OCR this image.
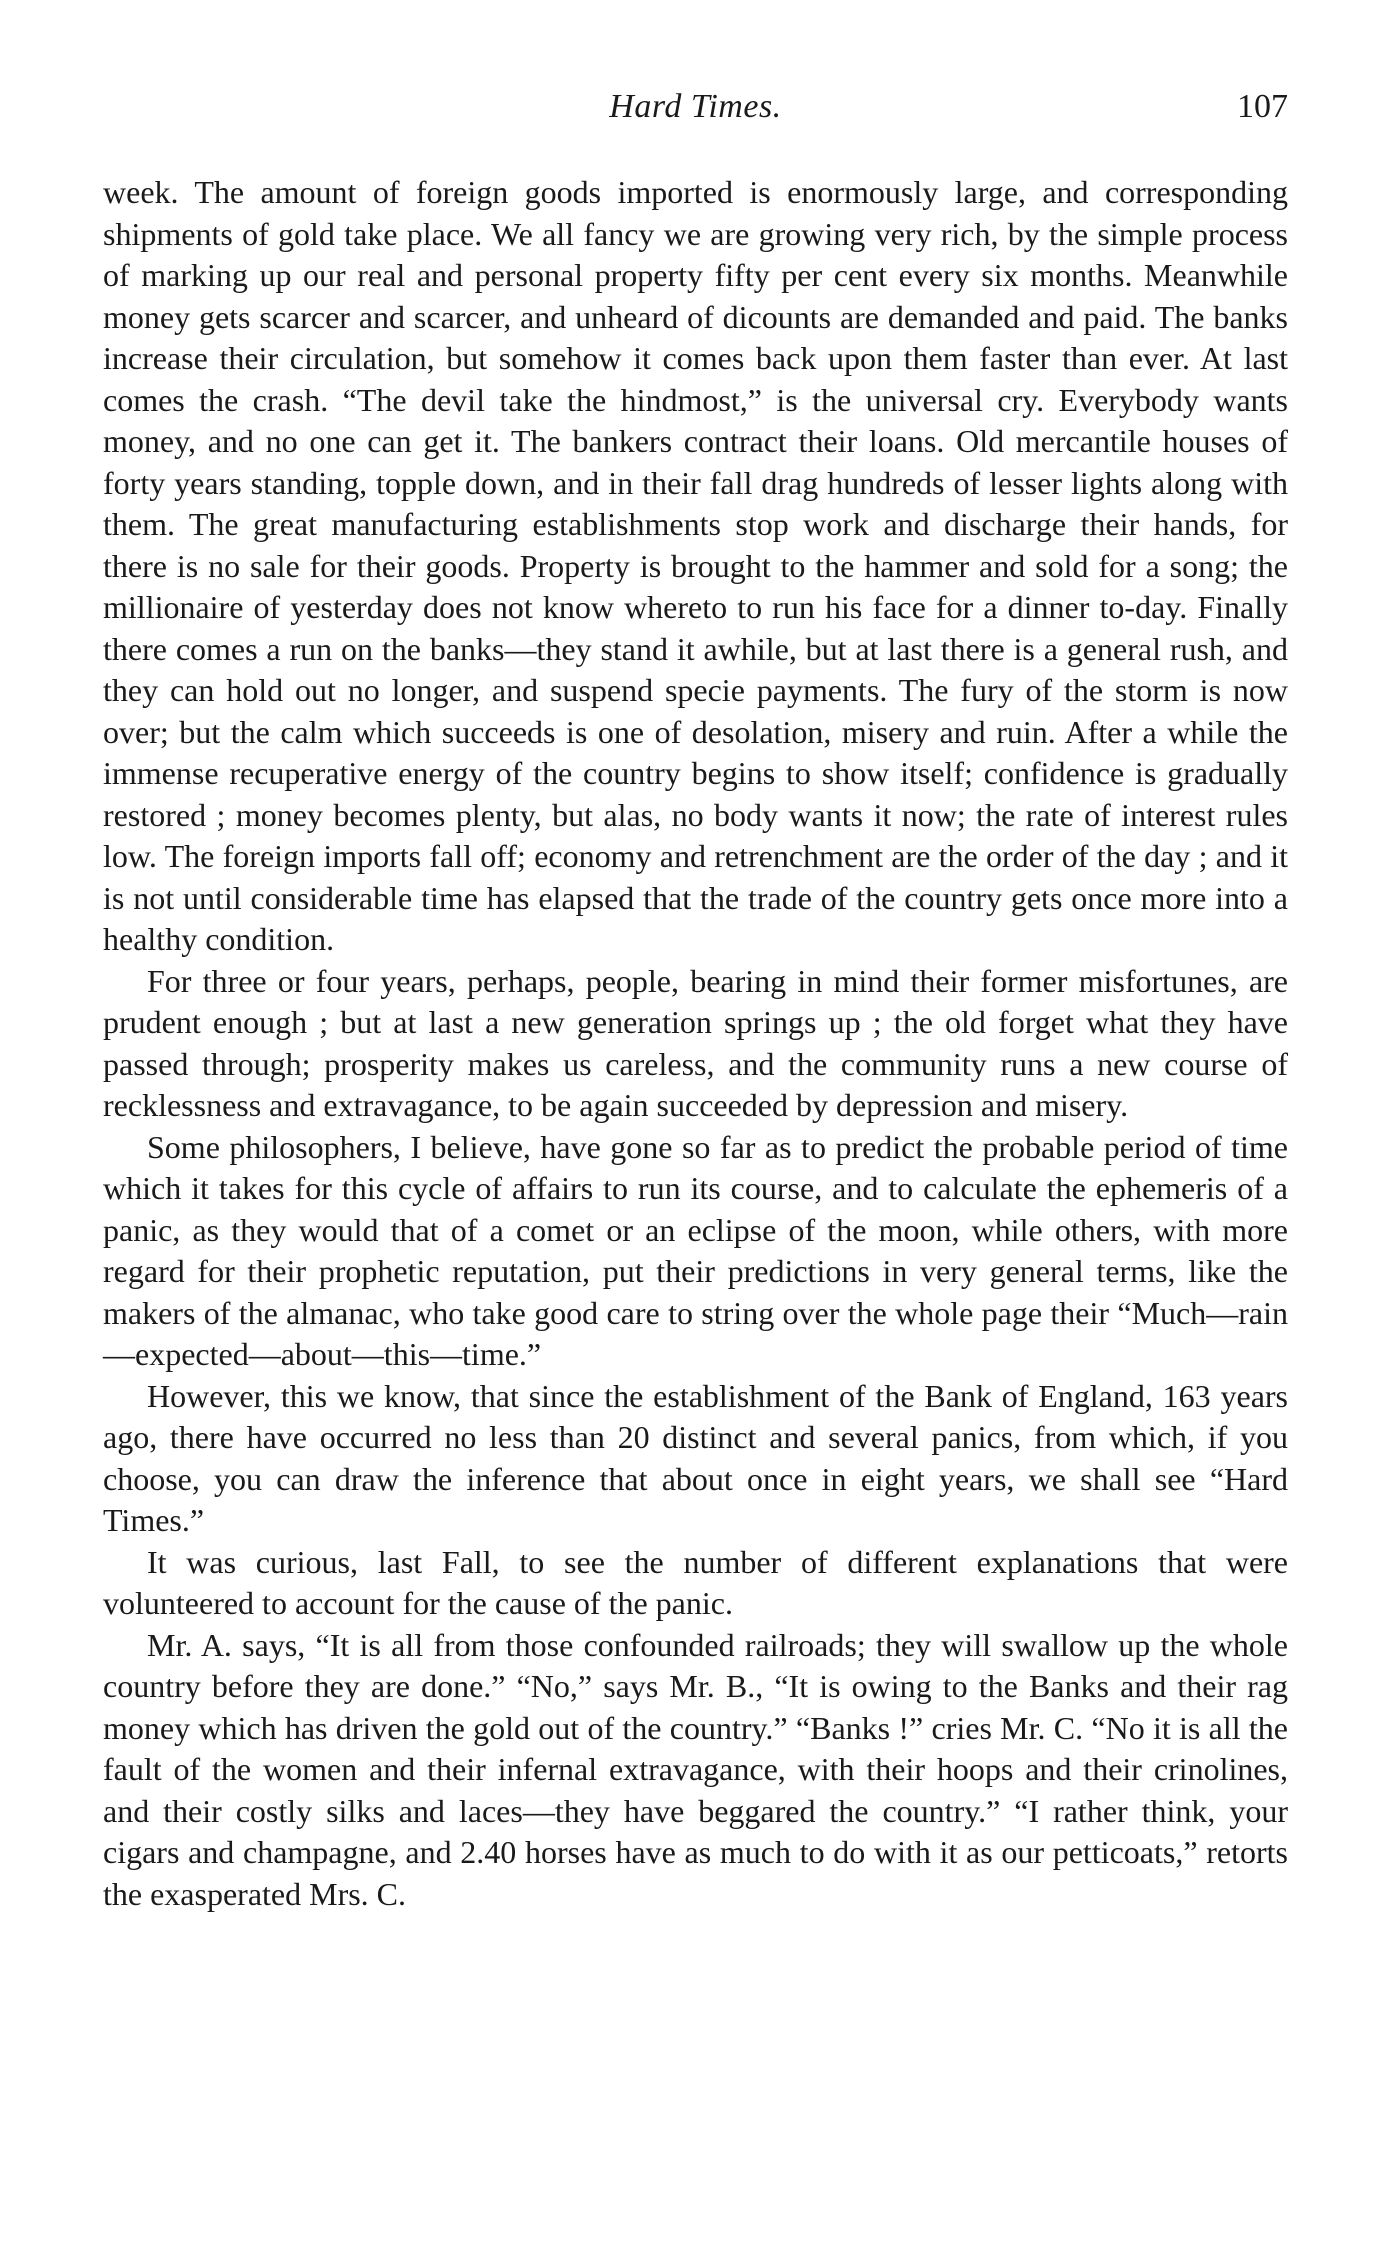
Hard Times.	107

week. The amount of foreign goods imported is enormously large, and corresponding shipments of gold take place. We all fancy we are growing very rich, by the simple process of marking up our real and personal property fifty per cent every six months. Meanwhile money gets scarcer and scarcer, and unheard of dicounts are demanded and paid. The banks increase their circulation, but somehow it comes back upon them faster than ever. At last comes the crash. “The devil take the hindmost,” is the universal cry. Everybody wants money, and no one can get it. The bankers contract their loans. Old mercantile houses of forty years standing, topple down, and in their fall drag hundreds of lesser lights along with them. The great manufacturing establishments stop work and discharge their hands, for there is no sale for their goods. Property is brought to the hammer and sold for a song; the millionaire of yesterday does not know whereto to run his face for a dinner to-day. Finally there comes a run on the banks—they stand it awhile, but at last there is a general rush, and they can hold out no longer, and suspend specie payments. The fury of the storm is now over; but the calm which succeeds is one of desolation, misery and ruin. After a while the immense recuperative energy of the country begins to show itself; confidence is gradually restored ; money becomes plenty, but alas, no body wants it now; the rate of interest rules low. The foreign imports fall off; economy and retrenchment are the order of the day ; and it is not until considerable time has elapsed that the trade of the country gets once more into a healthy condition.

For three or four years, perhaps, people, bearing in mind their former misfortunes, are prudent enough ; but at last a new generation springs up ; the old forget what they have passed through; prosperity makes us careless, and the community runs a new course of recklessness and extravagance, to be again succeeded by depression and misery.

Some philosophers, I believe, have gone so far as to predict the probable period of time which it takes for this cycle of affairs to run its course, and to calculate the ephemeris of a panic, as they would that of a comet or an eclipse of the moon, while others, with more regard for their prophetic reputation, put their predictions in very general terms, like the makers of the almanac, who take good care to string over the whole page their “Much—rain—expected—about—this—time.”

However, this we know, that since the establishment of the Bank of England, 163 years ago, there have occurred no less than 20 distinct and several panics, from which, if you choose, you can draw the inference that about once in eight years, we shall see “Hard Times.”

It was curious, last Fall, to see the number of different explanations that were volunteered to account for the cause of the panic.

Mr. A. says, “It is all from those confounded railroads; they will swallow up the whole country before they are done.” “No,” says Mr. B., “It is owing to the Banks and their rag money which has driven the gold out of the country.” “Banks !” cries Mr. C. “No it is all the fault of the women and their infernal extravagance, with their hoops and their crinolines, and their costly silks and laces—they have beggared the country.” “I rather think, your cigars and champagne, and 2.40 horses have as much to do with it as our petticoats,” retorts the exasperated Mrs. C.
